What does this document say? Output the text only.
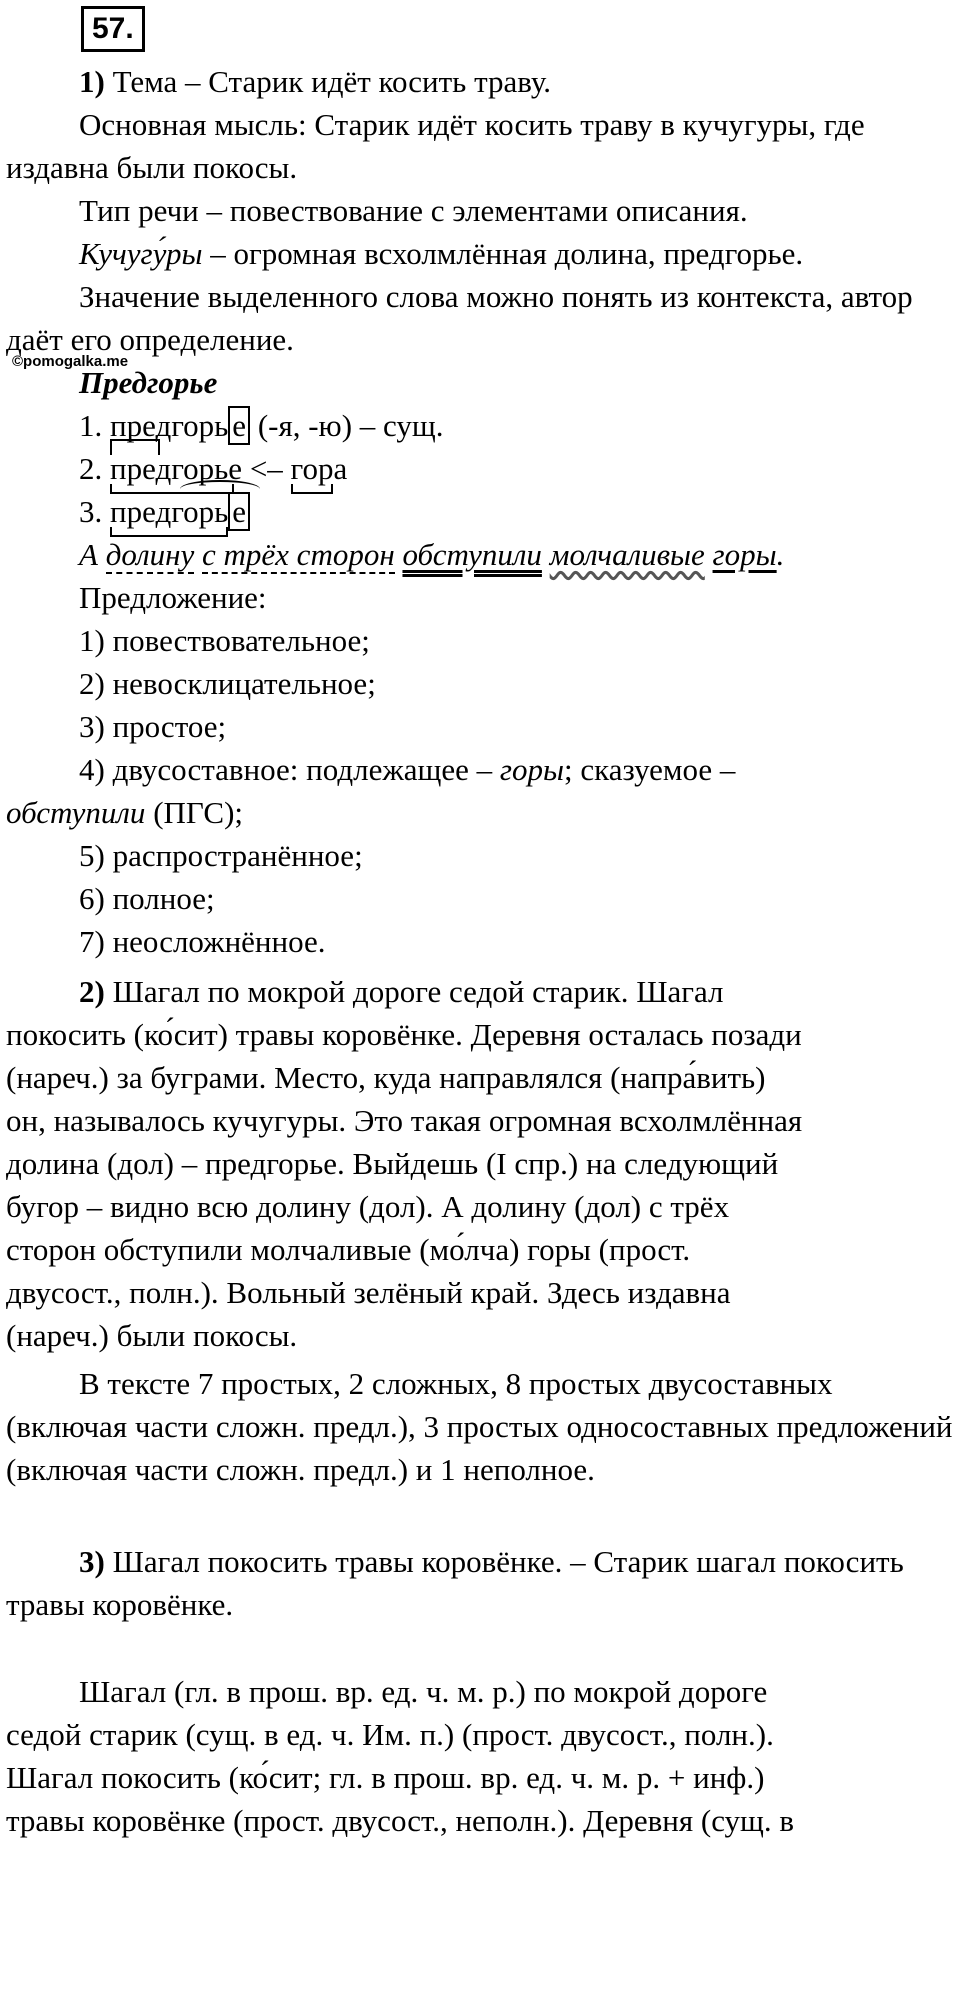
57.
1) Тема – Старик идёт косить траву.
Основная мысль: Старик идёт косить траву в кучугуры, где издавна были покосы.
Тип речи – повествование с элементами описания.
Кучугу́ры – огромная всхолмлённая долина, предгорье.
Значение выделенного слова можно понять из контекста, автор даёт его определение.
©pomogalka.me
Предгорье
1. предгорь е (-я, -ю) – сущ.
2.
предгорье <–
гора
3.
предгорь е
А долину с трёх сторон обступили молчаливые горы.
Предложение:
1) повествовательное;
2) невосклицательное;
3) простое;
4) двусоставное: подлежащее – горы; сказуемое –
обступили (ПГС);
5) распространённое;
6) полное;
7) неосложнённое.
2) Шагал по мокрой дороге седой старик. Шагал
покосить (ко́сит) травы коровёнке. Деревня осталась позади
(нареч.) за буграми. Место, куда направлялся (напра́вить)
он, называлось кучугуры. Это такая огромная всхолмлённая
долина (дол) – предгорье. Выйдешь (I спр.) на следующий
бугор – видно всю долину (дол). А долину (дол) с трёх
сторон обступили молчаливые (мо́лча) горы (прост.
двусост., полн.). Вольный зелёный край. Здесь издавна
(нареч.) были покосы.
В тексте 7 простых, 2 сложных, 8 простых двусоставных (включая части сложн. предл.), 3 простых односоставных предложений (включая части сложн. предл.) и 1 неполное.
3) Шагал покосить травы коровёнке. – Старик шагал покосить травы коровёнке.
Шагал (гл. в прош. вр. ед. ч. м. р.) по мокрой дороге
седой старик (сущ. в ед. ч. Им. п.) (прост. двусост., полн.).
Шагал покосить (ко́сит; гл. в прош. вр. ед. ч. м. р. + инф.)
травы коровёнке (прост. двусост., неполн.). Деревня (сущ. в
